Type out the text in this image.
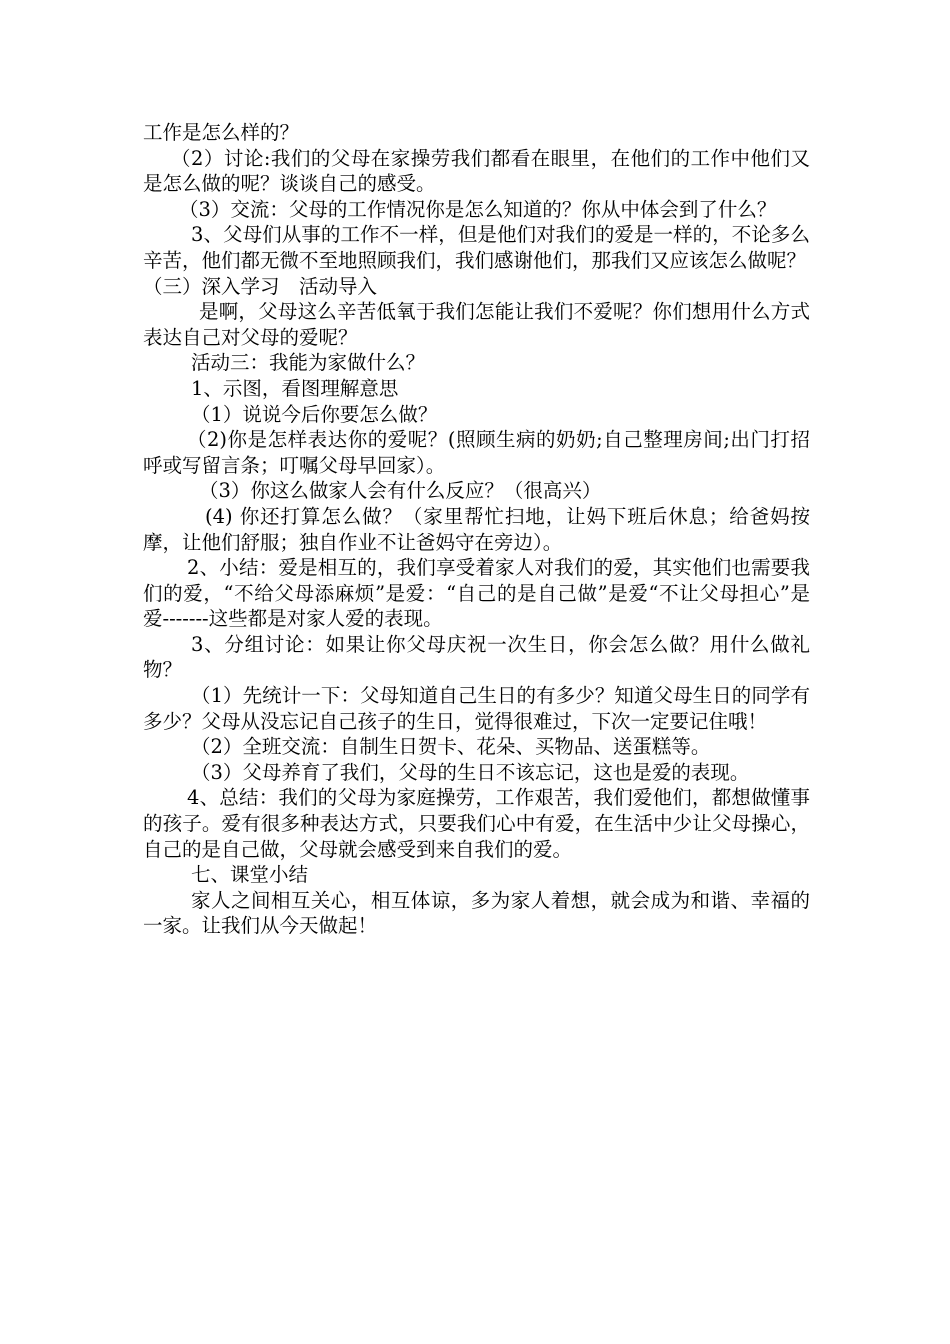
工作是怎么样的？

（2）讨论:我们的父母在家操劳我们都看在眼里，在他们的工作中他们又是怎么做的呢？谈谈自己的感受。

（3）交流：父母的工作情况你是怎么知道的？你从中体会到了什么？

3、父母们从事的工作不一样，但是他们对我们的爱是一样的，不论多么辛苦，他们都无微不至地照顾我们，我们感谢他们，那我们又应该怎么做呢？

（三）深入学习　活动导入

是啊，父母这么辛苦低氧于我们怎能让我们不爱呢？你们想用什么方式表达自己对父母的爱呢？

活动三：我能为家做什么？

1、示图，看图理解意思

（1）说说今后你要怎么做？

（2)你是怎样表达你的爱呢？(照顾生病的奶奶;自己整理房间;出门打招呼或写留言条；叮嘱父母早回家）。

（3）你这么做家人会有什么反应？（很高兴）

(4) 你还打算怎么做？（家里帮忙扫地，让妈下班后休息；给爸妈按摩，让他们舒服；独自作业不让爸妈守在旁边）。

2、小结：爱是相互的，我们享受着家人对我们的爱，其实他们也需要我们的爱，“不给父母添麻烦”是爱：“自己的是自己做”是爱“不让父母担心”是爱-------这些都是对家人爱的表现。

3、分组讨论：如果让你父母庆祝一次生日，你会怎么做？用什么做礼物？

（1）先统计一下：父母知道自己生日的有多少？知道父母生日的同学有多少？父母从没忘记自己孩子的生日，觉得很难过，下次一定要记住哦！

（2）全班交流：自制生日贺卡、花朵、买物品、送蛋糕等。

（3）父母养育了我们，父母的生日不该忘记，这也是爱的表现。

4、总结：我们的父母为家庭操劳，工作艰苦，我们爱他们，都想做懂事的孩子。爱有很多种表达方式，只要我们心中有爱，在生活中少让父母操心，自己的是自己做，父母就会感受到来自我们的爱。

七、课堂小结

家人之间相互关心，相互体谅，多为家人着想，就会成为和谐、幸福的一家。让我们从今天做起！
